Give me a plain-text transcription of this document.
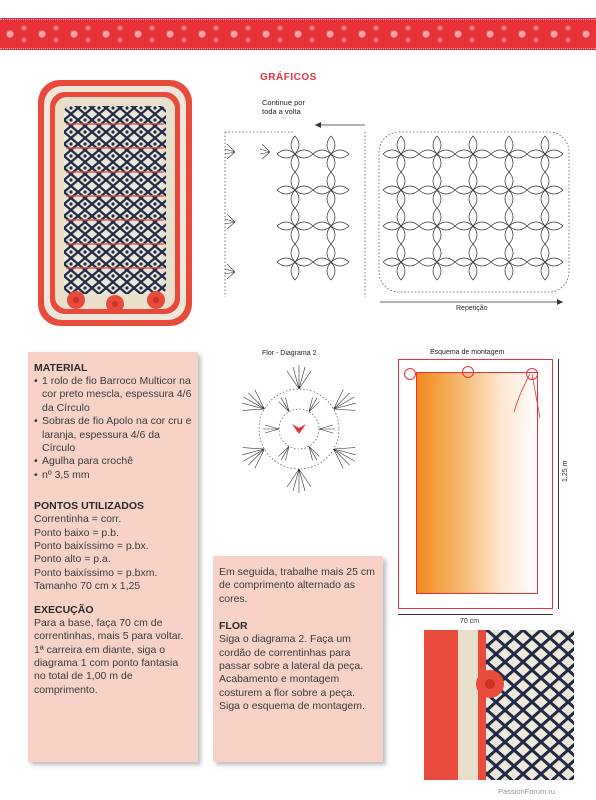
GRÁFICOS
+
Continue por
toda a volta
Repetição
MATERIAL
• 1 rolo de fio Barroco Multicor na cor preto mescla, espessura 4/6 da Círculo
• Sobras de fio Apolo na cor cru e laranja, espessura 4/6 da Círculo
• Agulha para crochê
• nº 3,5 mm
PONTOS UTILIZADOS
Correntinha = corr.
Ponto baixo = p.b.
Ponto baixíssimo = p.bx.
Ponto alto = p.a.
Ponto baixíssimo = p.bxm.
Tamanho 70 cm x 1,25
EXECUÇÃO
Para a base, faça 70 cm de correntinhas, mais 5 para voltar.
1ª carreira em diante, siga o diagrama 1 com ponto fantasia no total de 1,00 m de comprimento.
Flor - Diagrama 2	Esquema de montagem
1,25 m
70 cm
Em seguida, trabalhe mais 25 cm de comprimento alternado as cores.
FLOR
Siga o diagrama 2. Faça um cordão de correntinhas para passar sobre a lateral da peça. Acabamento e montagem costurem a flor sobre a peça. Siga o esquema de montagem.
PassionForum.ru
